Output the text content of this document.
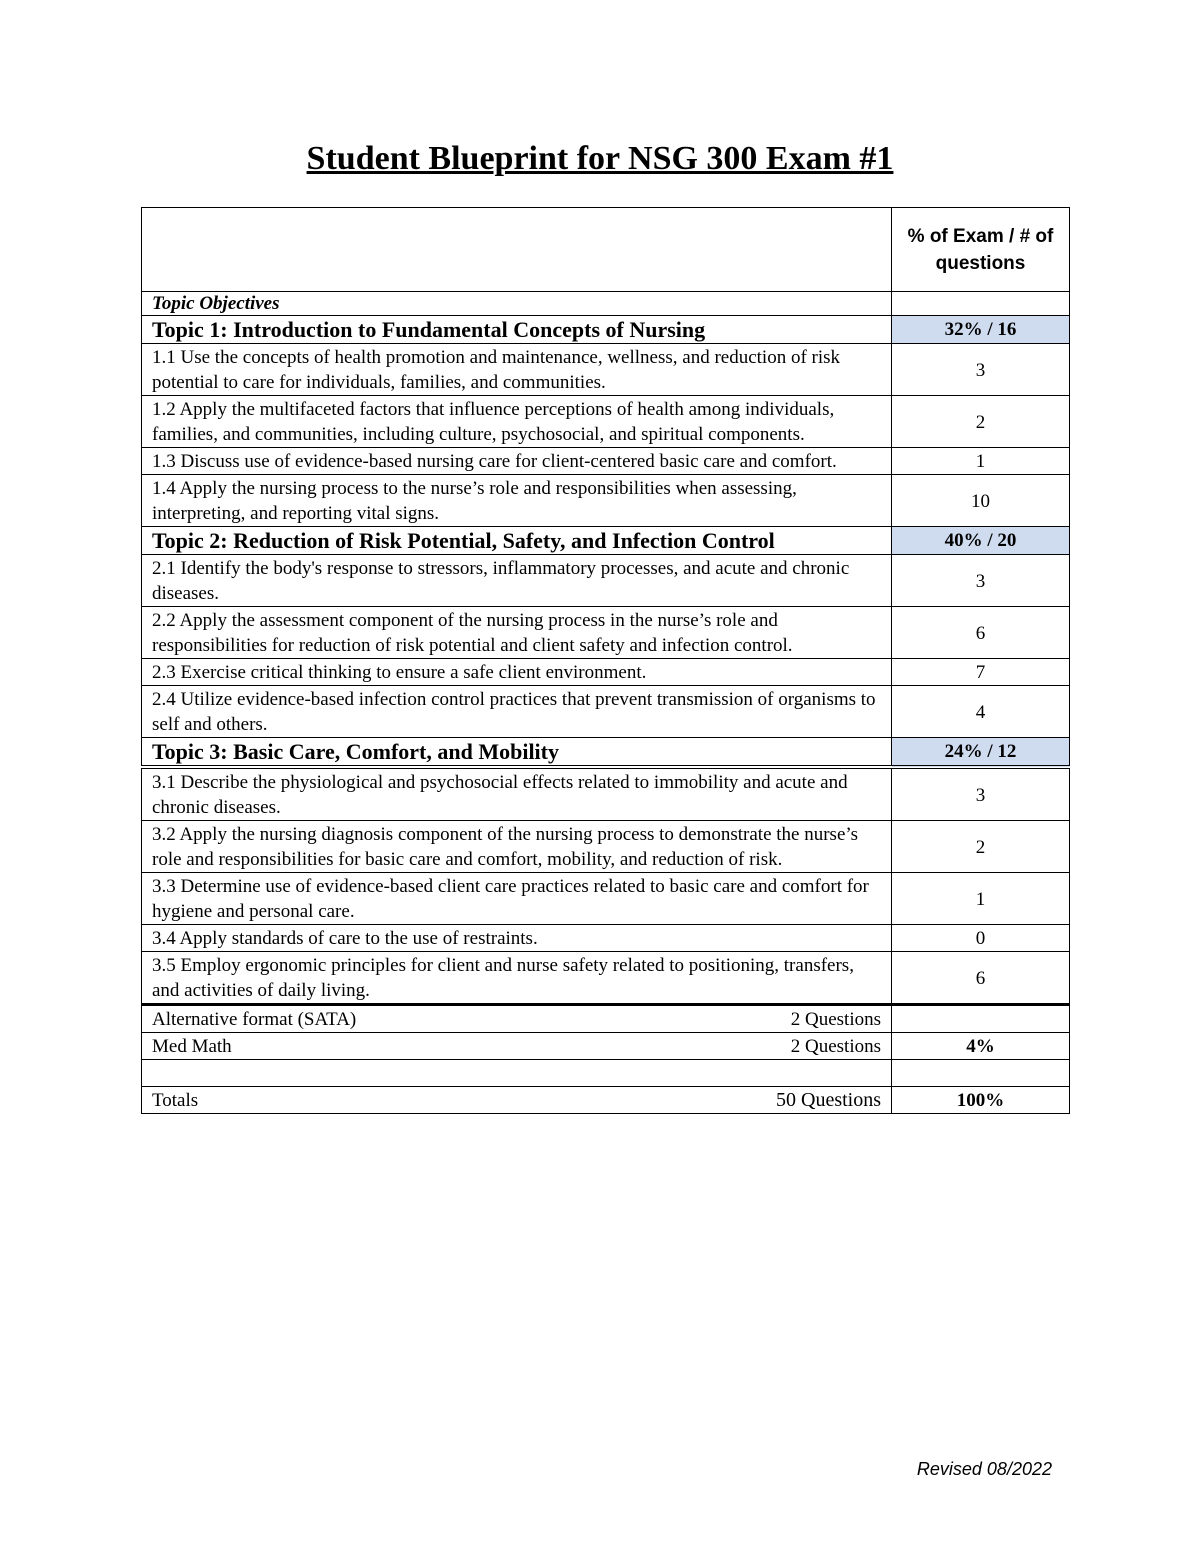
Student Blueprint for NSG 300 Exam #1
	% of Exam / # of questions
Topic Objectives	
Topic 1: Introduction to Fundamental Concepts of Nursing	32% / 16
1.1 Use the concepts of health promotion and maintenance, wellness, and reduction of risk potential to care for individuals, families, and communities.	3
1.2 Apply the multifaceted factors that influence perceptions of health among individuals, families, and communities, including culture, psychosocial, and spiritual components.	2
1.3 Discuss use of evidence-based nursing care for client-centered basic care and comfort.	1
1.4 Apply the nursing process to the nurse’s role and responsibilities when assessing, interpreting, and reporting vital signs.	10
Topic 2: Reduction of Risk Potential, Safety, and Infection Control	40% / 20
2.1 Identify the body's response to stressors, inflammatory processes, and acute and chronic diseases.	3
2.2 Apply the assessment component of the nursing process in the nurse’s role and responsibilities for reduction of risk potential and client safety and infection control.	6
2.3 Exercise critical thinking to ensure a safe client environment.	7
2.4 Utilize evidence-based infection control practices that prevent transmission of organisms to self and others.	4
Topic 3: Basic Care, Comfort, and Mobility	24% / 12
3.1 Describe the physiological and psychosocial effects related to immobility and acute and chronic diseases.	3
3.2 Apply the nursing diagnosis component of the nursing process to demonstrate the nurse’s role and responsibilities for basic care and comfort, mobility, and reduction of risk.	2
3.3 Determine use of evidence-based client care practices related to basic care and comfort for hygiene and personal care.	1
3.4 Apply standards of care to the use of restraints.	0
3.5 Employ ergonomic principles for client and nurse safety related to positioning, transfers, and activities of daily living.	6

Alternative format (SATA) 2 Questions	

Med Math 2 Questions	4%

Totals 50 Questions	100%
Revised 08/2022
